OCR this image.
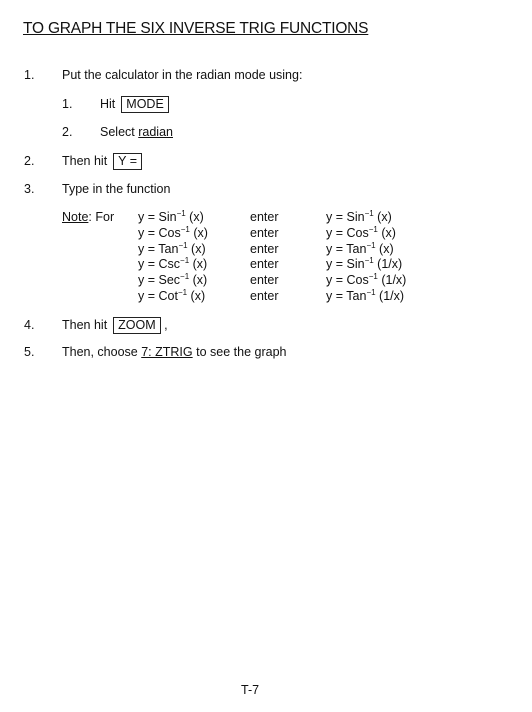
TO GRAPH THE SIX INVERSE TRIG FUNCTIONS
1. Put the calculator in the radian mode using:
1. Hit MODE
2. Select radian
2. Then hit Y =
3. Type in the function
Note: For y = Sin$^{-1}$ (x)
y = Cos$^{-1}$ (x)
y = Tan$^{-1}$ (x)
y = Csc$^{-1}$ (x)
y = Sec$^{-1}$ (x)
y = Cot$^{-1}$ (x)
enter
enter
enter
enter
enter
enter
y = Sin$^{-1}$ (x)
y = Cos$^{-1}$ (x)
y = Tan$^{-1}$ (x)
y = Sin$^{-1}$ (1/x)
y = Cos$^{-1}$ (1/x)
y = Tan$^{-1}$ (1/x)
4. Then hit ZOOM ,
5. Then, choose 7: ZTRIG to see the graph
T-7
